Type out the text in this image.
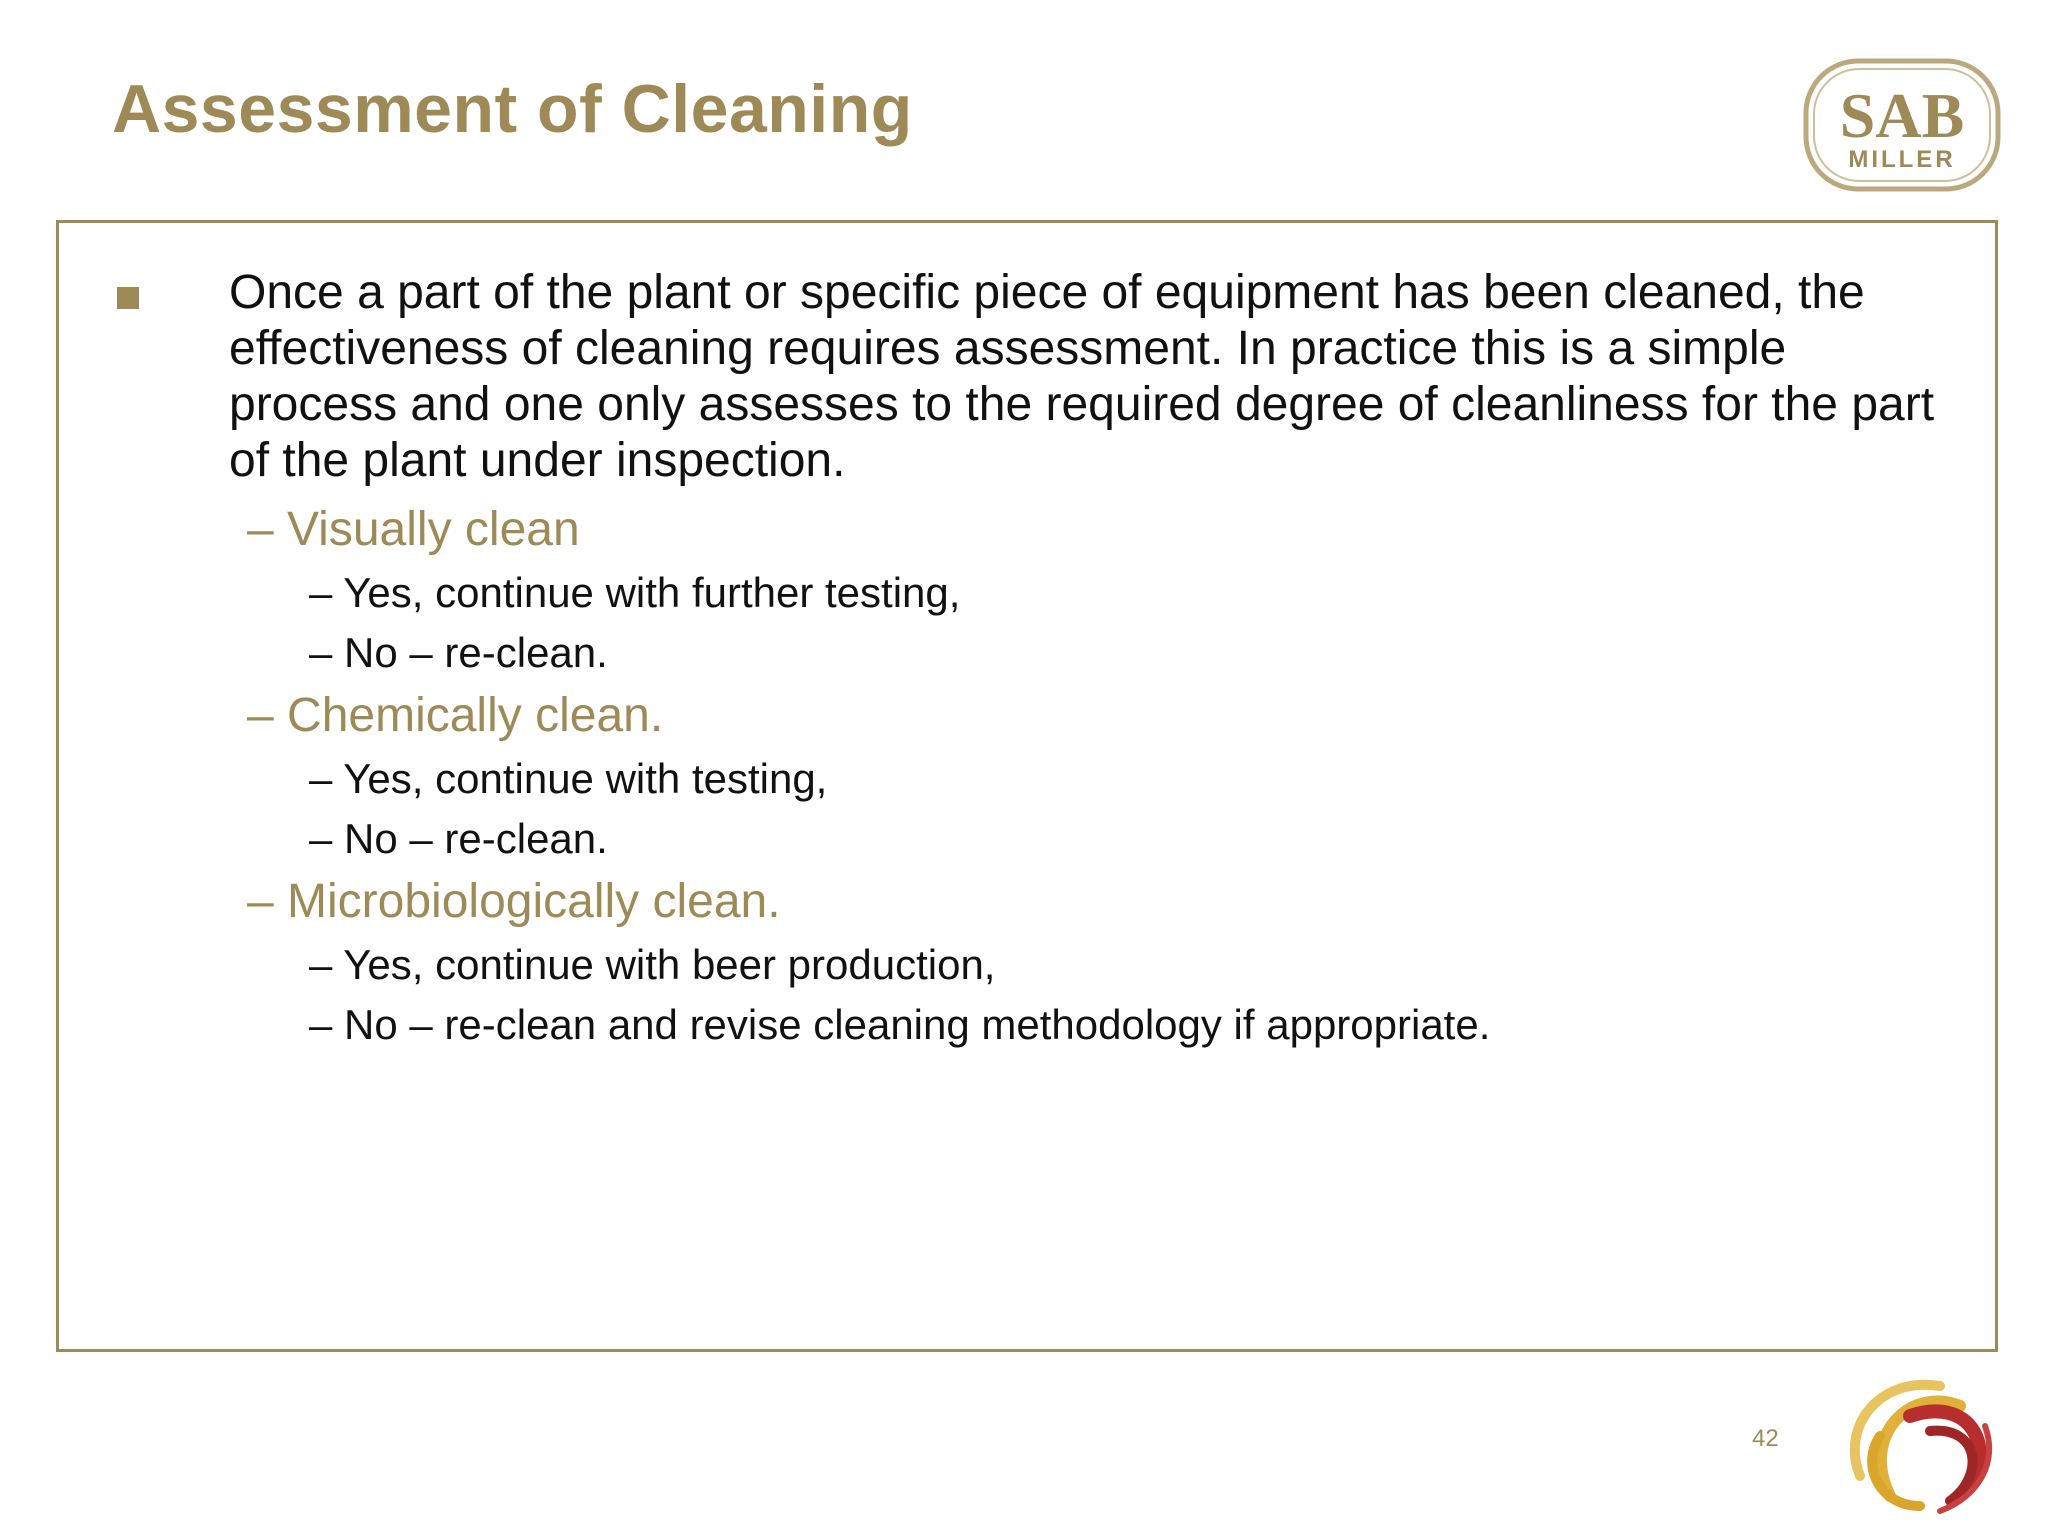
Assessment of Cleaning	SAB
MILLER

Once a part of the plant or specific piece of equipment has been cleaned, the effectiveness of cleaning requires assessment. In practice this is a simple process and one only assesses to the required degree of cleanliness for the part of the plant under inspection.

– Visually clean
– Yes, continue with further testing,
– No – re-clean.
– Chemically clean.
– Yes, continue with testing,
– No – re-clean.
– Microbiologically clean.
– Yes, continue with beer production,
– No – re-clean and revise cleaning methodology if appropriate.
42
